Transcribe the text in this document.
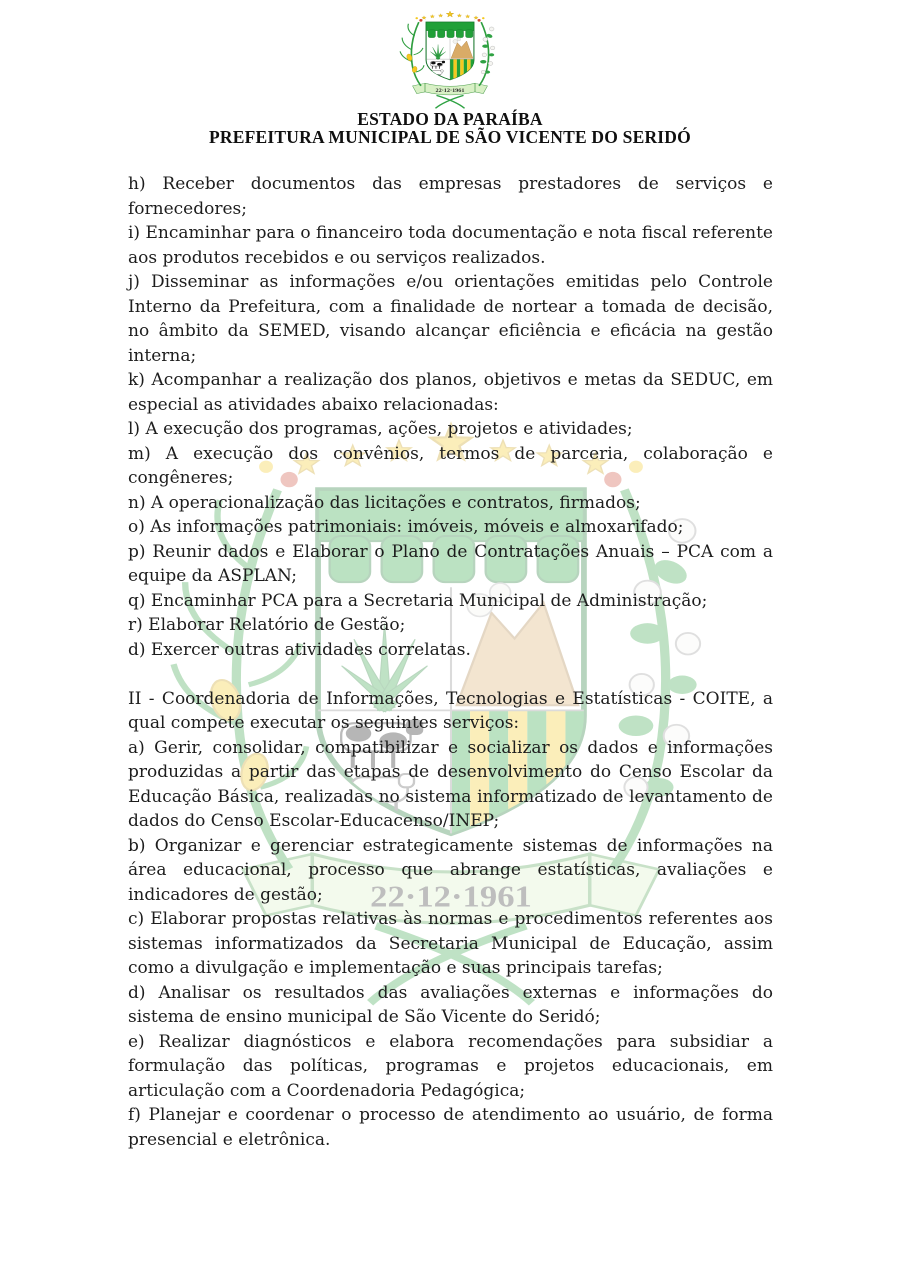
ESTADO DA PARAÍBA
PREFEITURA MUNICIPAL DE SÃO VICENTE DO SERIDÓ

h) Receber documentos das empresas prestadores de serviços e fornecedores;

i) Encaminhar para o financeiro toda documentação e nota fiscal referente aos produtos recebidos e ou serviços realizados.

j) Disseminar as informações e/ou orientações emitidas pelo Controle Interno da Prefeitura, com a finalidade de nortear a tomada de decisão, no âmbito da SEMED, visando alcançar eficiência e eficácia na gestão interna;

k) Acompanhar a realização dos planos, objetivos e metas da SEDUC, em especial as atividades abaixo relacionadas:

l) A execução dos programas, ações, projetos e atividades;

m) A execução dos convênios, termos de parceria, colaboração e congêneres;

n) A operacionalização das licitações e contratos, firmados;

o) As informações patrimoniais: imóveis, móveis e almoxarifado;

p) Reunir dados e Elaborar o Plano de Contratações Anuais – PCA com a equipe da ASPLAN;

q) Encaminhar PCA para a Secretaria Municipal de Administração;

r) Elaborar Relatório de Gestão;

d) Exercer outras atividades correlatas.

II - Coordenadoria de Informações, Tecnologias e Estatísticas - COITE, a qual compete executar os seguintes serviços:

a) Gerir, consolidar, compatibilizar e socializar os dados e informações produzidas a partir das etapas de desenvolvimento do Censo Escolar da Educação Básica, realizadas no sistema informatizado de levantamento de dados do Censo Escolar-Educacenso/INEP;

b) Organizar e gerenciar estrategicamente sistemas de informações na área educacional, processo que abrange estatísticas, avaliações e indicadores de gestão;

c) Elaborar propostas relativas às normas e procedimentos referentes aos sistemas informatizados da Secretaria Municipal de Educação, assim como a divulgação e implementação e suas principais tarefas;

d) Analisar os resultados das avaliações externas e informações do sistema de ensino municipal de São Vicente do Seridó;

e) Realizar diagnósticos e elabora recomendações para subsidiar a formulação das políticas, programas e projetos educacionais, em articulação com a Coordenadoria Pedagógica;

f) Planejar e coordenar o processo de atendimento ao usuário, de forma presencial e eletrônica.
